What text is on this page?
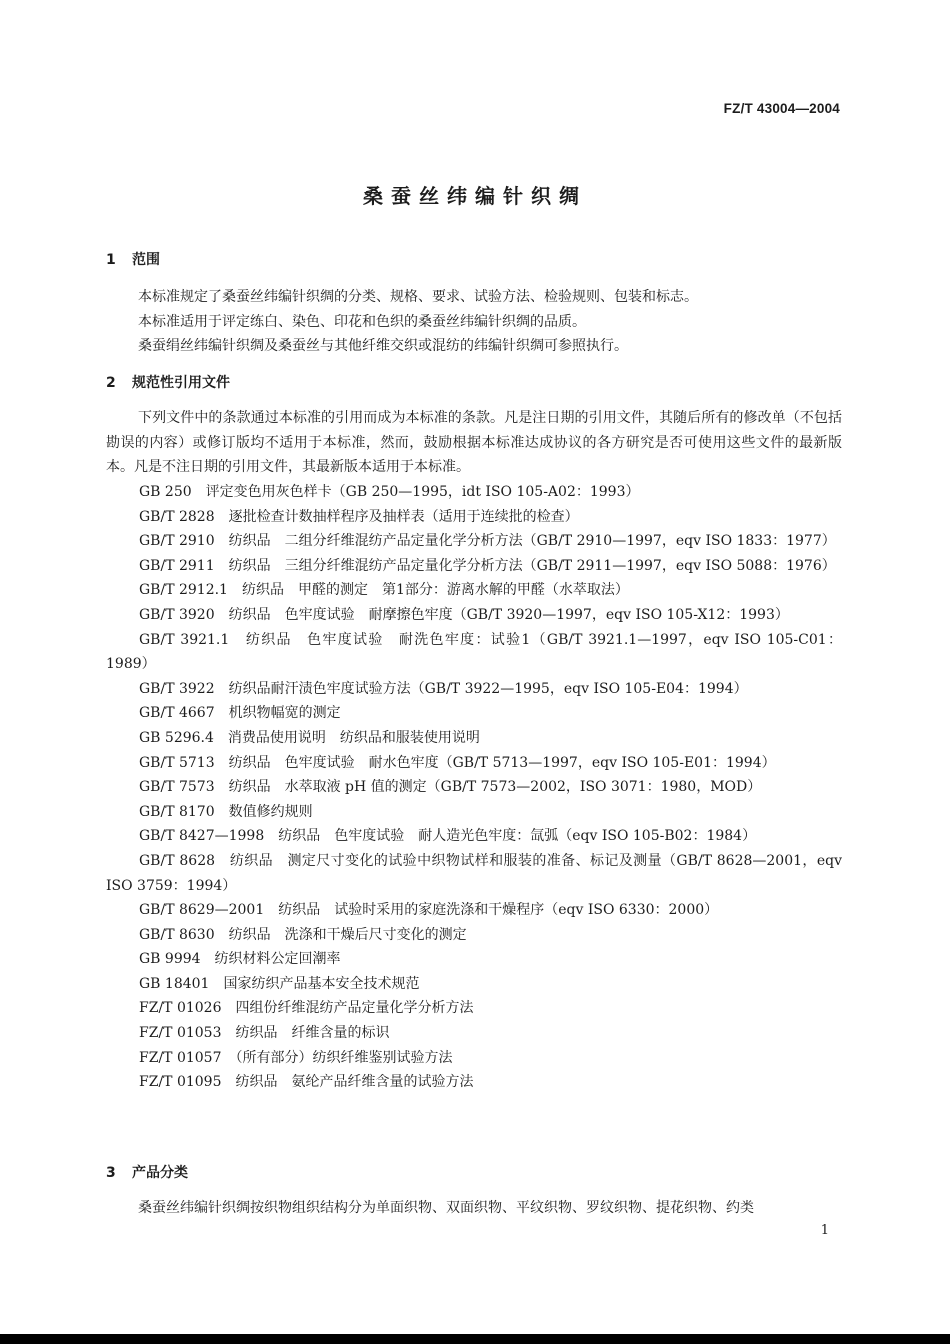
FZ/T 43004—2004
桑蚕丝纬编针织绸
1 范围

本标准规定了桑蚕丝纬编针织绸的分类、规格、要求、试验方法、检验规则、包装和标志。

本标准适用于评定练白、染色、印花和色织的桑蚕丝纬编针织绸的品质。

桑蚕绢丝纬编针织绸及桑蚕丝与其他纤维交织或混纺的纬编针织绸可参照执行。

2 规范性引用文件

下列文件中的条款通过本标准的引用而成为本标准的条款。凡是注日期的引用文件，其随后所有的修改单（不包括勘误的内容）或修订版均不适用于本标准，然而，鼓励根据本标准达成协议的各方研究是否可使用这些文件的最新版本。凡是不注日期的引用文件，其最新版本适用于本标准。

GB 250　评定变色用灰色样卡（GB 250—1995，idt ISO 105-A02：1993）
GB/T 2828　逐批检查计数抽样程序及抽样表（适用于连续批的检查）
GB/T 2910　纺织品　二组分纤维混纺产品定量化学分析方法（GB/T 2910—1997，eqv ISO 1833：1977）
GB/T 2911　纺织品　三组分纤维混纺产品定量化学分析方法（GB/T 2911—1997，eqv ISO 5088：1976）
GB/T 2912.1　纺织品　甲醛的测定　第1部分：游离水解的甲醛（水萃取法）
GB/T 3920　纺织品　色牢度试验　耐摩擦色牢度（GB/T 3920—1997，eqv ISO 105-X12：1993）
GB/T 3921.1　纺织品　色牢度试验　耐洗色牢度：试验1（GB/T 3921.1—1997，eqv ISO 105-C01：1989）
GB/T 3922　纺织品耐汗渍色牢度试验方法（GB/T 3922—1995，eqv ISO 105-E04：1994）
GB/T 4667　机织物幅宽的测定
GB 5296.4　消费品使用说明　纺织品和服装使用说明
GB/T 5713　纺织品　色牢度试验　耐水色牢度（GB/T 5713—1997，eqv ISO 105-E01：1994）
GB/T 7573　纺织品　水萃取液 pH 值的测定（GB/T 7573—2002，ISO 3071：1980，MOD）
GB/T 8170　数值修约规则
GB/T 8427—1998　纺织品　色牢度试验　耐人造光色牢度：氙弧（eqv ISO 105-B02：1984）
GB/T 8628　纺织品　测定尺寸变化的试验中织物试样和服装的准备、标记及测量（GB/T 8628—2001，eqv ISO 3759：1994）
GB/T 8629—2001　纺织品　试验时采用的家庭洗涤和干燥程序（eqv ISO 6330：2000）
GB/T 8630　纺织品　洗涤和干燥后尺寸变化的测定
GB 9994　纺织材料公定回潮率
GB 18401　国家纺织产品基本安全技术规范
FZ/T 01026　四组份纤维混纺产品定量化学分析方法
FZ/T 01053　纺织品　纤维含量的标识
FZ/T 01057　（所有部分）纺织纤维鉴别试验方法
FZ/T 01095　纺织品　氨纶产品纤维含量的试验方法
3 产品分类

桑蚕丝纬编针织绸按织物组织结构分为单面织物、双面织物、平纹织物、罗纹织物、提花织物、约类

1
